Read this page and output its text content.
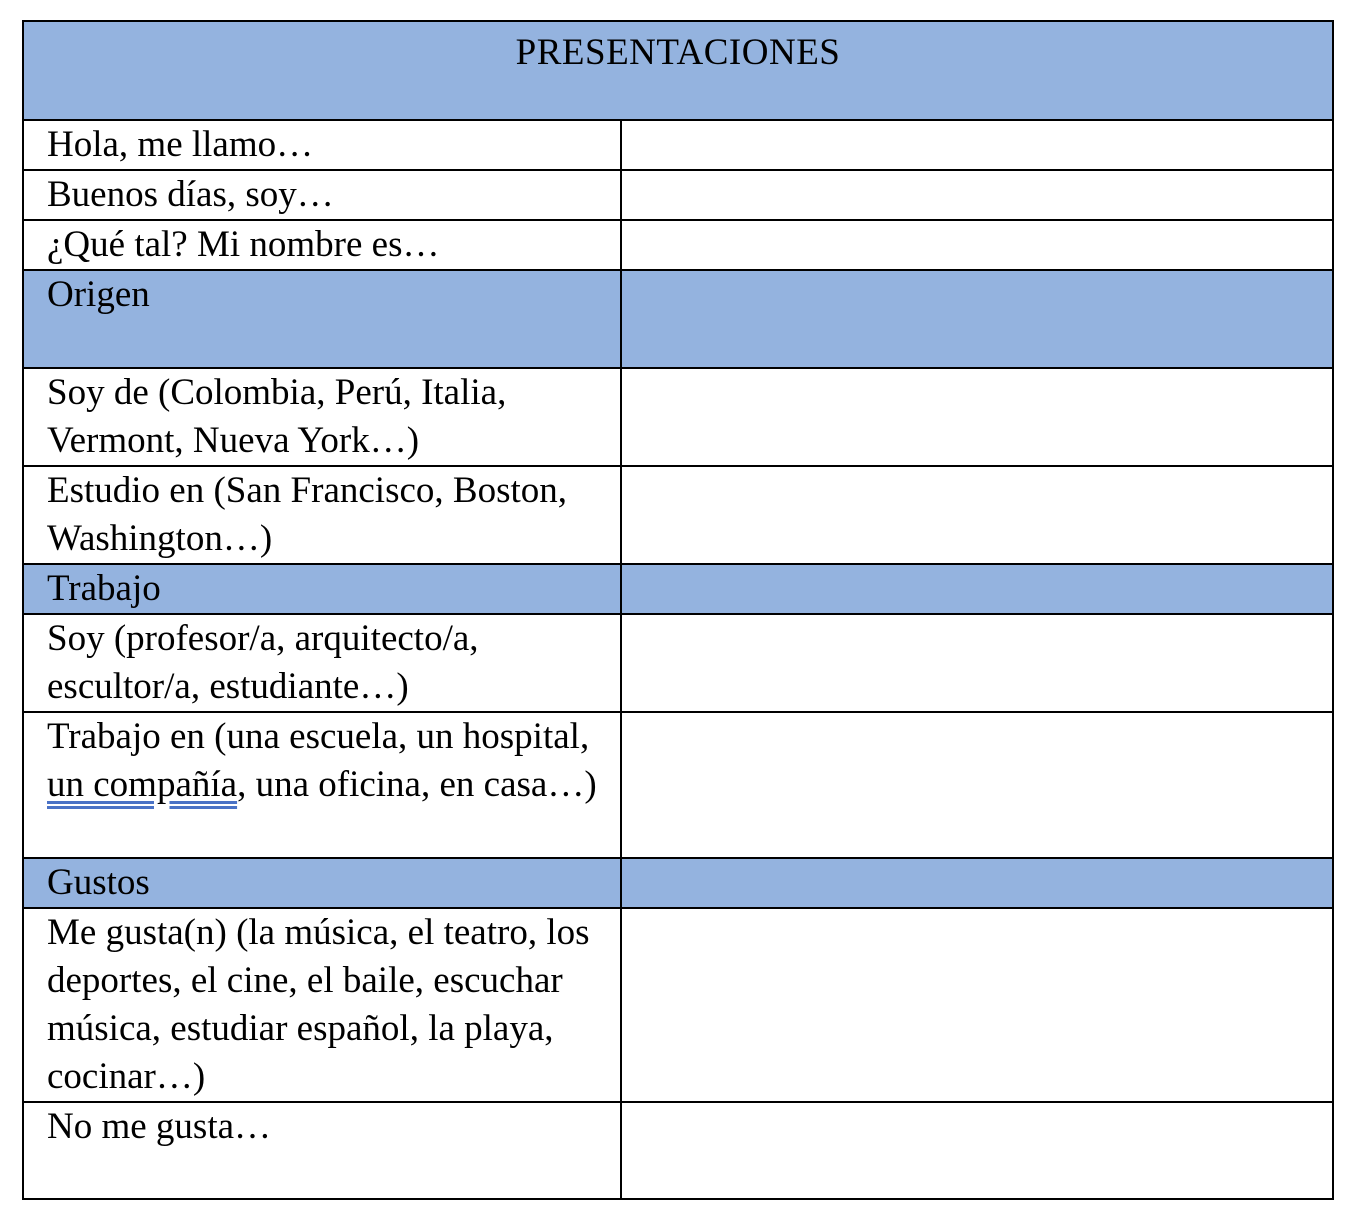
PRESENTACIONES	
Hola, me llamo…	
Buenos días, soy…	
¿Qué tal? Mi nombre es…	
Origen	
Soy de (Colombia, Perú, Italia, Vermont, Nueva York…)	
Estudio en (San Francisco, Boston, Washington…)	
Trabajo	
Soy (profesor/a, arquitecto/a, escultor/a, estudiante…)	
Trabajo en (una escuela, un hospital, un compañía, una oficina, en casa…)	
Gustos	
Me gusta(n) (la música, el teatro, los deportes, el cine, el baile, escuchar música, estudiar español, la playa, cocinar…)	
No me gusta…	
